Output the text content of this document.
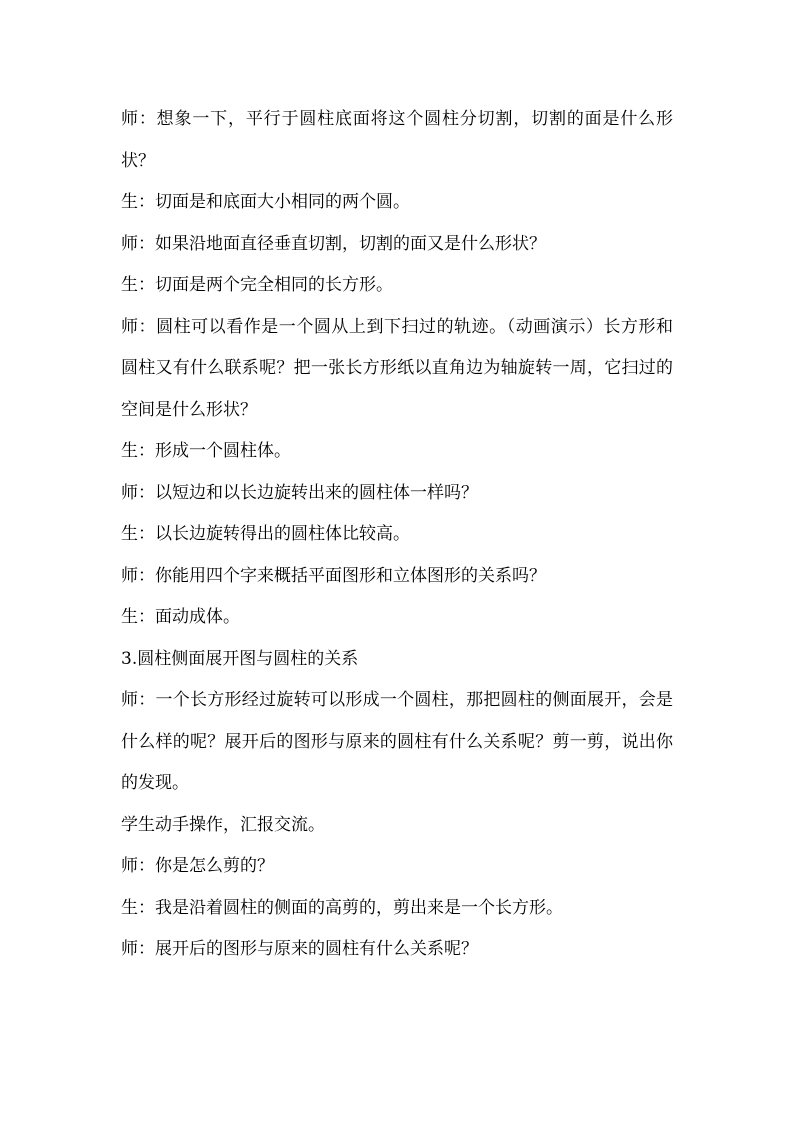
师：想象一下，平行于圆柱底面将这个圆柱分切割，切割的面是什么形状？

生：切面是和底面大小相同的两个圆。

师：如果沿地面直径垂直切割，切割的面又是什么形状？

生：切面是两个完全相同的长方形。

师：圆柱可以看作是一个圆从上到下扫过的轨迹。（动画演示）长方形和圆柱又有什么联系呢？把一张长方形纸以直角边为轴旋转一周，它扫过的空间是什么形状？

生：形成一个圆柱体。

师：以短边和以长边旋转出来的圆柱体一样吗？

生：以长边旋转得出的圆柱体比较高。

师：你能用四个字来概括平面图形和立体图形的关系吗？

生：面动成体。

3.圆柱侧面展开图与圆柱的关系

师：一个长方形经过旋转可以形成一个圆柱，那把圆柱的侧面展开，会是什么样的呢？展开后的图形与原来的圆柱有什么关系呢？剪一剪，说出你的发现。

学生动手操作，汇报交流。

师：你是怎么剪的？

生：我是沿着圆柱的侧面的高剪的，剪出来是一个长方形。

师：展开后的图形与原来的圆柱有什么关系呢？
